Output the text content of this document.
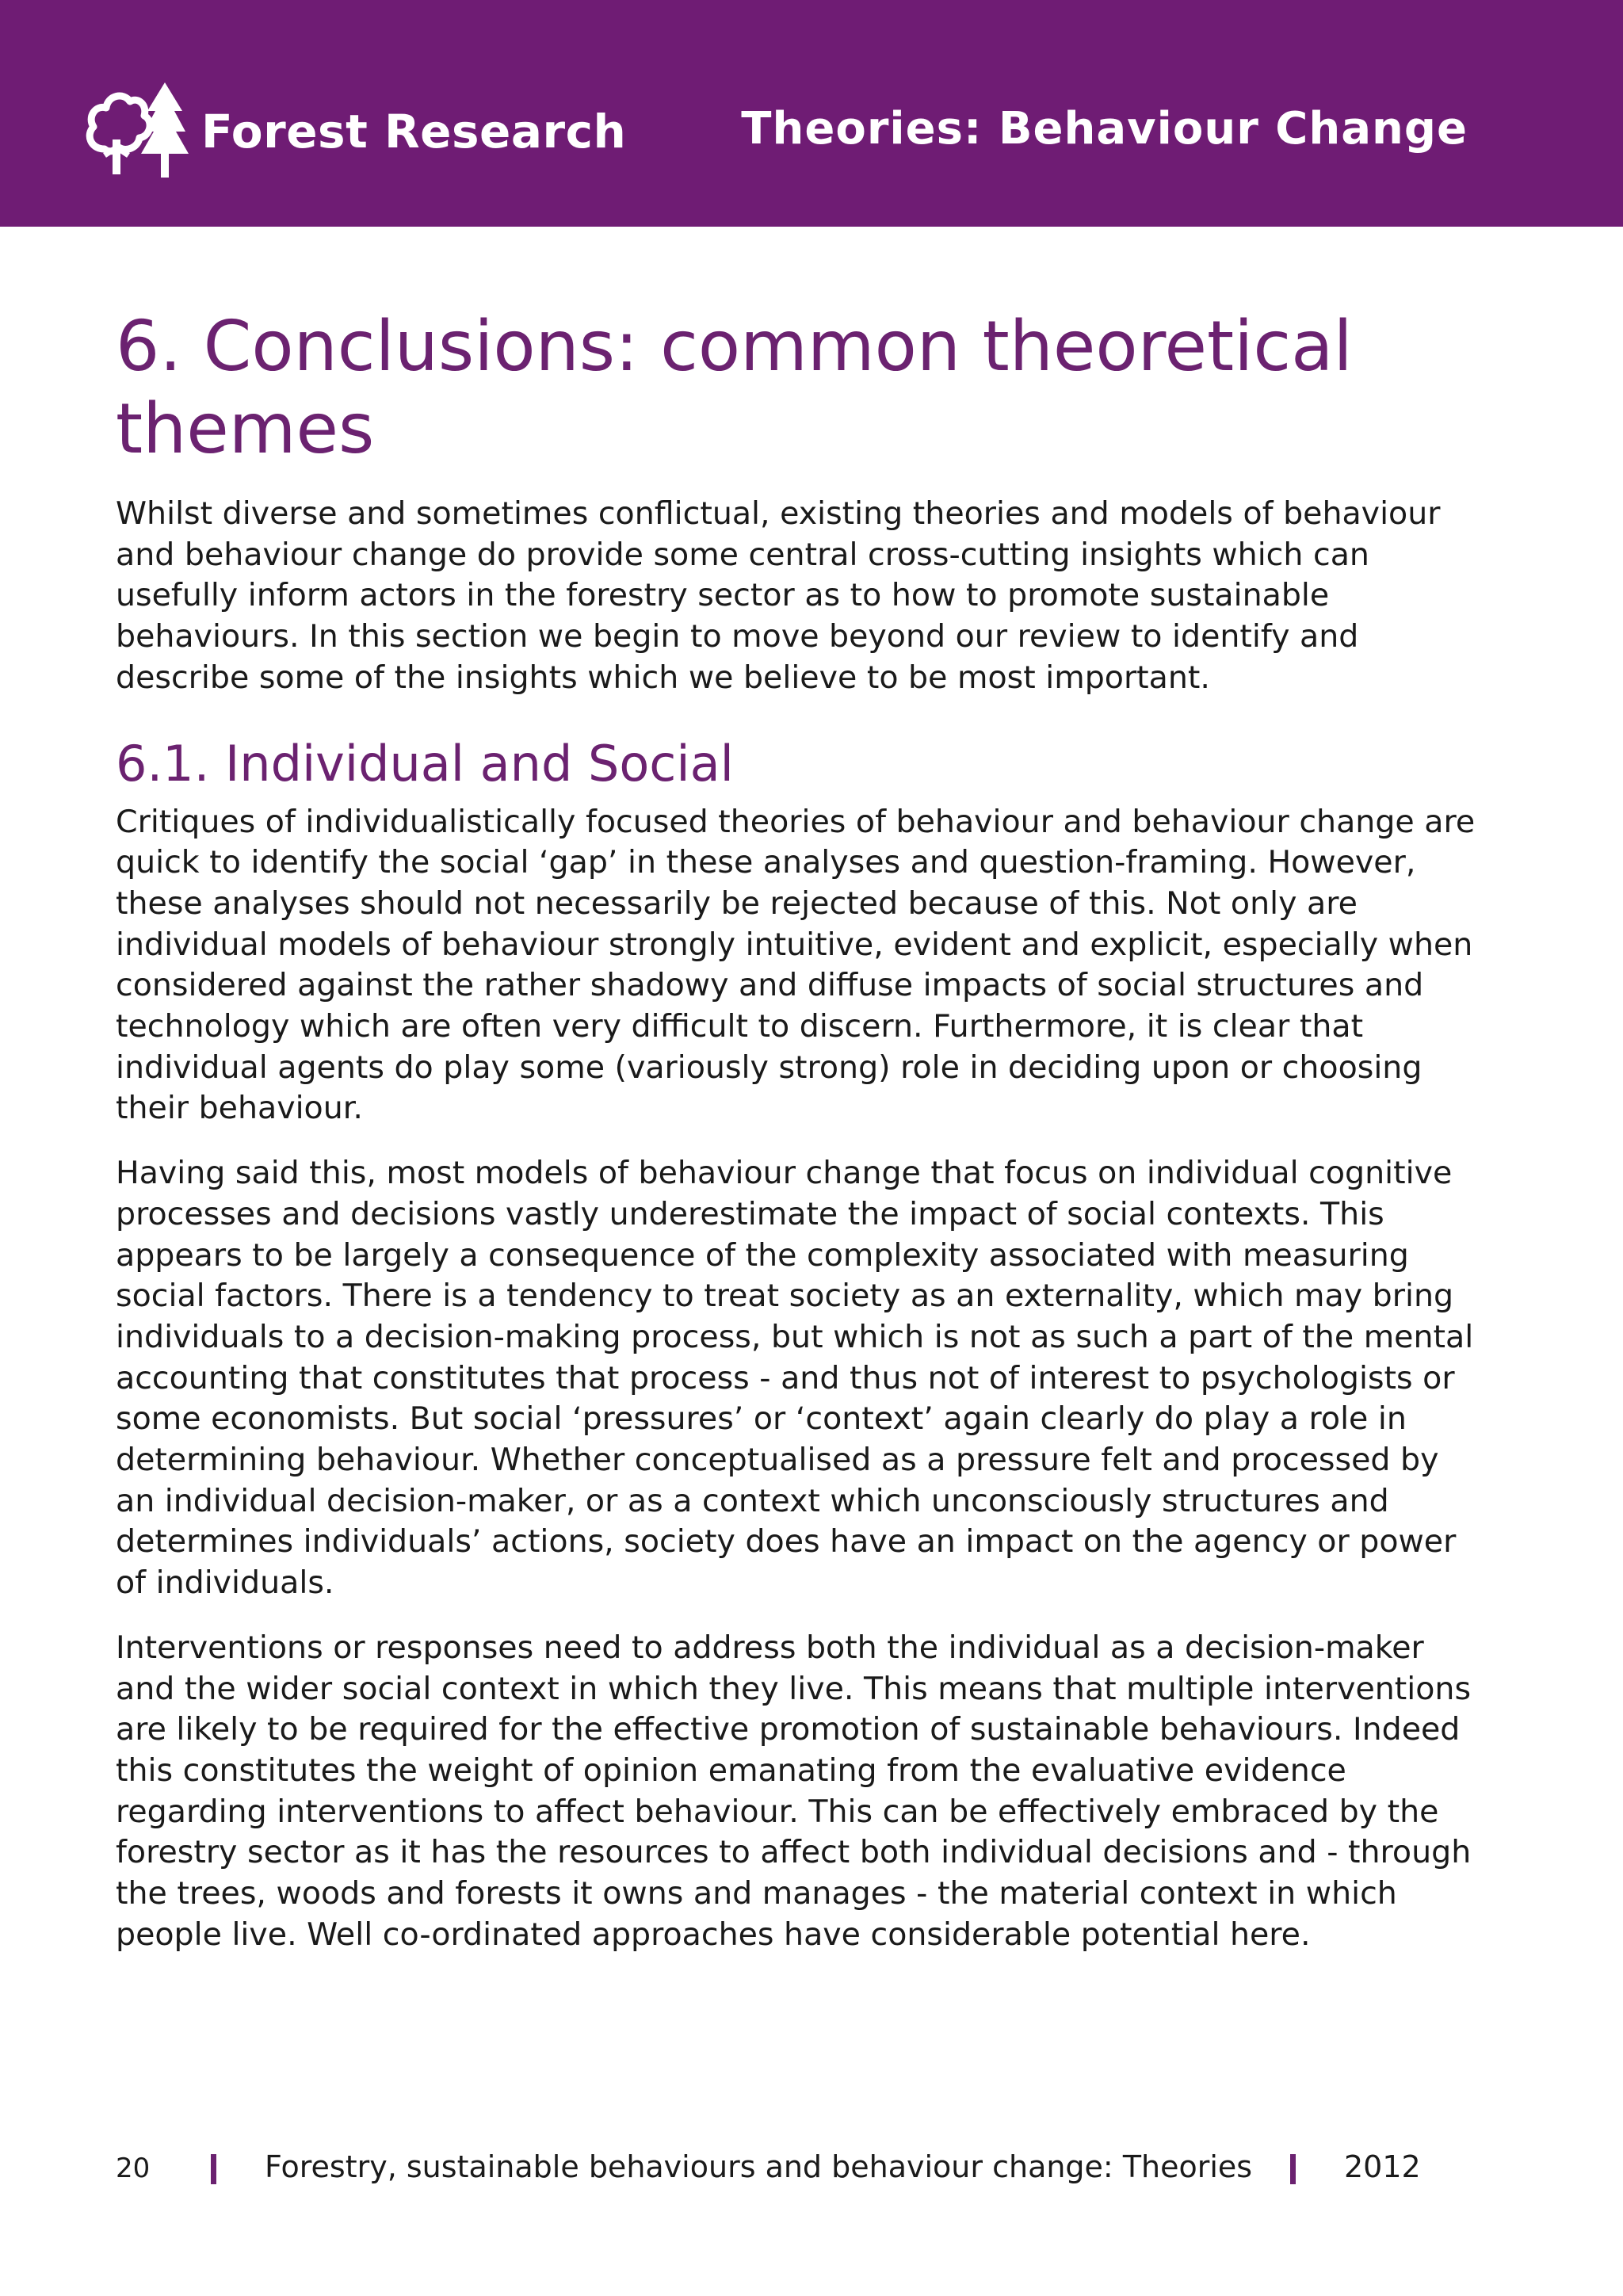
Forest Research	Theories: Behaviour Change
6. Conclusions: common theoretical themes

Whilst diverse and sometimes conflictual, existing theories and models of behaviour and behaviour change do provide some central cross-cutting insights which can usefully inform actors in the forestry sector as to how to promote sustainable behaviours. In this section we begin to move beyond our review to identify and describe some of the insights which we believe to be most important.

6.1. Individual and Social

Critiques of individualistically focused theories of behaviour and behaviour change are quick to identify the social ‘gap’ in these analyses and question-framing. However, these analyses should not necessarily be rejected because of this. Not only are individual models of behaviour strongly intuitive, evident and explicit, especially when considered against the rather shadowy and diffuse impacts of social structures and technology which are often very difficult to discern. Furthermore, it is clear that individual agents do play some (variously strong) role in deciding upon or choosing their behaviour.

Having said this, most models of behaviour change that focus on individual cognitive processes and decisions vastly underestimate the impact of social contexts. This appears to be largely a consequence of the complexity associated with measuring social factors. There is a tendency to treat society as an externality, which may bring individuals to a decision-making process, but which is not as such a part of the mental accounting that constitutes that process - and thus not of interest to psychologists or some economists. But social ‘pressures’ or ‘context’ again clearly do play a role in determining behaviour. Whether conceptualised as a pressure felt and processed by an individual decision-maker, or as a context which unconsciously structures and determines individuals’ actions, society does have an impact on the agency or power of individuals.

Interventions or responses need to address both the individual as a decision-maker and the wider social context in which they live. This means that multiple interventions are likely to be required for the effective promotion of sustainable behaviours. Indeed this constitutes the weight of opinion emanating from the evaluative evidence regarding interventions to affect behaviour. This can be effectively embraced by the forestry sector as it has the resources to affect both individual decisions and - through the trees, woods and forests it owns and manages - the material context in which people live. Well co-ordinated approaches have considerable potential here.

20	Forestry, sustainable behaviours and behaviour change: Theories	2012
